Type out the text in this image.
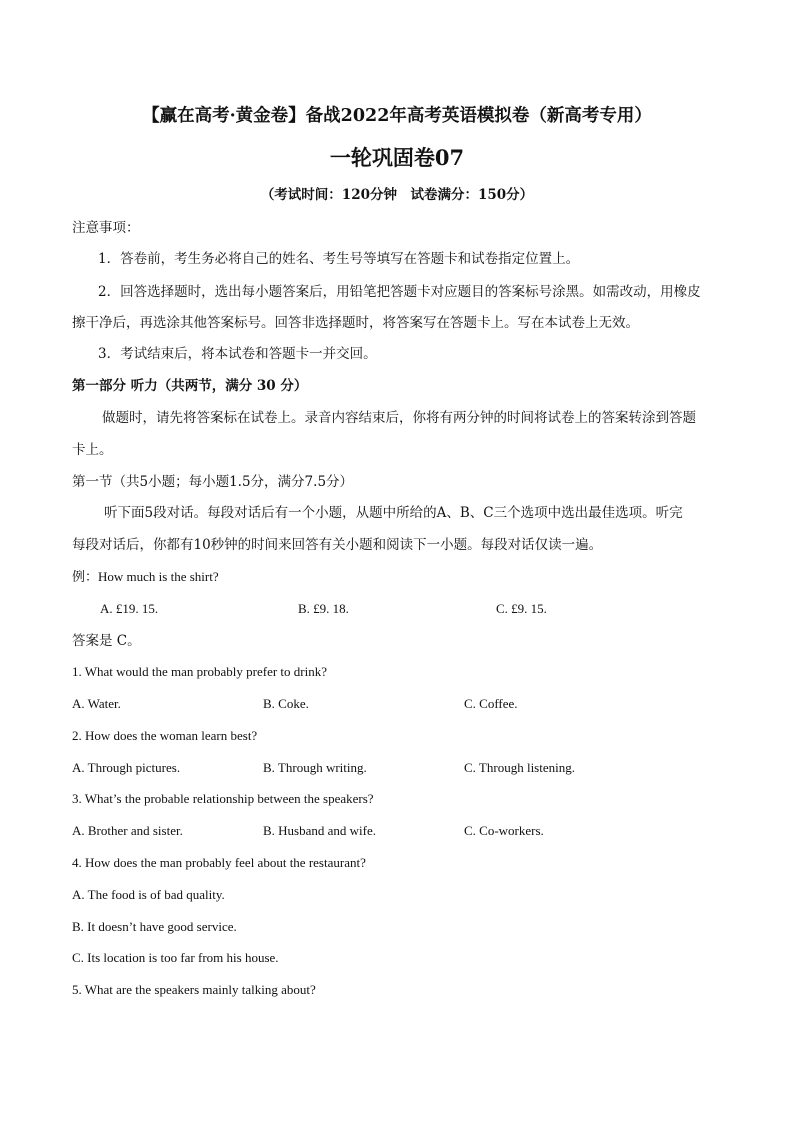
【赢在高考·黄金卷】备战2022年高考英语模拟卷（新高考专用）
一轮巩固卷07
（考试时间：120分钟　试卷满分：150分）
注意事项：
1．答卷前，考生务必将自己的姓名、考生号等填写在答题卡和试卷指定位置上。
2．回答选择题时，选出每小题答案后，用铅笔把答题卡对应题目的答案标号涂黑。如需改动，用橡皮
擦干净后，再选涂其他答案标号。回答非选择题时，将答案写在答题卡上。写在本试卷上无效。
3．考试结束后，将本试卷和答题卡一并交回。
第一部分 听力（共两节，满分 30 分）
做题时，请先将答案标在试卷上。录音内容结束后，你将有两分钟的时间将试卷上的答案转涂到答题
卡上。
第一节（共5小题；每小题1.5分，满分7.5分）
听下面5段对话。每段对话后有一个小题，从题中所给的A、B、C三个选项中选出最佳选项。听完
每段对话后，你都有10秒钟的时间来回答有关小题和阅读下一小题。每段对话仅读一遍。
例：How much is the shirt?
A. £19. 15.	B. £9. 18.	C. £9. 15.
答案是 C。
1. What would the man probably prefer to drink?
A. Water.	B. Coke.	C. Coffee.
2. How does the woman learn best?
A. Through pictures.	B. Through writing.	C. Through listening.
3. What’s the probable relationship between the speakers?
A. Brother and sister.	B. Husband and wife.	C. Co-workers.
4. How does the man probably feel about the restaurant?
A. The food is of bad quality.
B. It doesn’t have good service.
C. Its location is too far from his house.
5. What are the speakers mainly talking about?
